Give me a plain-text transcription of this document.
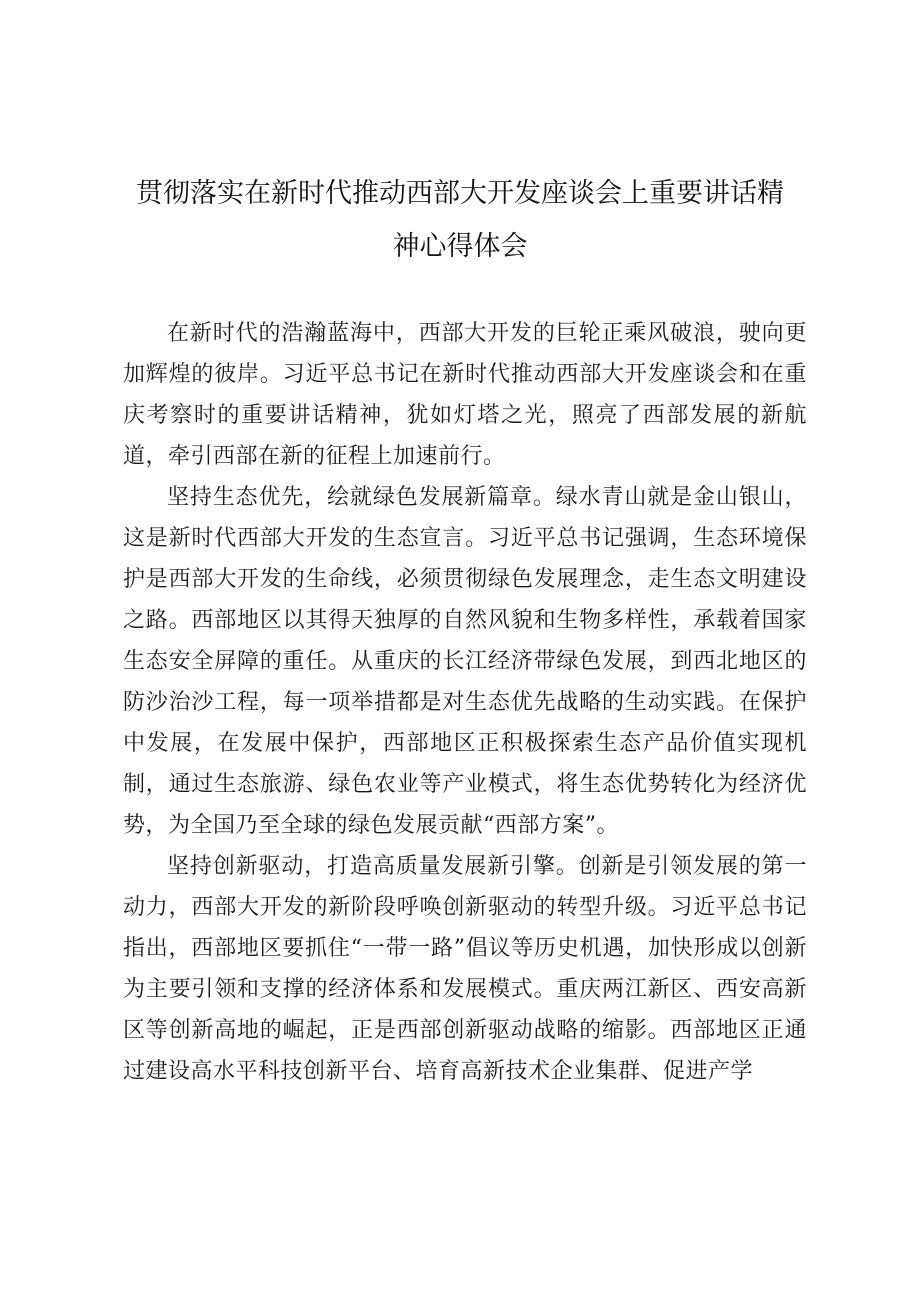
贯彻落实在新时代推动西部大开发座谈会上重要讲话精
神心得体会

在新时代的浩瀚蓝海中，西部大开发的巨轮正乘风破浪，驶向更加辉煌的彼岸。习近平总书记在新时代推动西部大开发座谈会和在重庆考察时的重要讲话精神，犹如灯塔之光，照亮了西部发展的新航道，牵引西部在新的征程上加速前行。

坚持生态优先，绘就绿色发展新篇章。绿水青山就是金山银山，这是新时代西部大开发的生态宣言。习近平总书记强调，生态环境保护是西部大开发的生命线，必须贯彻绿色发展理念，走生态文明建设之路。西部地区以其得天独厚的自然风貌和生物多样性，承载着国家生态安全屏障的重任。从重庆的长江经济带绿色发展，到西北地区的防沙治沙工程，每一项举措都是对生态优先战略的生动实践。在保护中发展，在发展中保护，西部地区正积极探索生态产品价值实现机制，通过生态旅游、绿色农业等产业模式，将生态优势转化为经济优势，为全国乃至全球的绿色发展贡献“西部方案”。

坚持创新驱动，打造高质量发展新引擎。创新是引领发展的第一动力，西部大开发的新阶段呼唤创新驱动的转型升级。习近平总书记指出，西部地区要抓住“一带一路”倡议等历史机遇，加快形成以创新为主要引领和支撑的经济体系和发展模式。重庆两江新区、西安高新区等创新高地的崛起，正是西部创新驱动战略的缩影。西部地区正通过建设高水平科技创新平台、培育高新技术企业集群、促进产学
